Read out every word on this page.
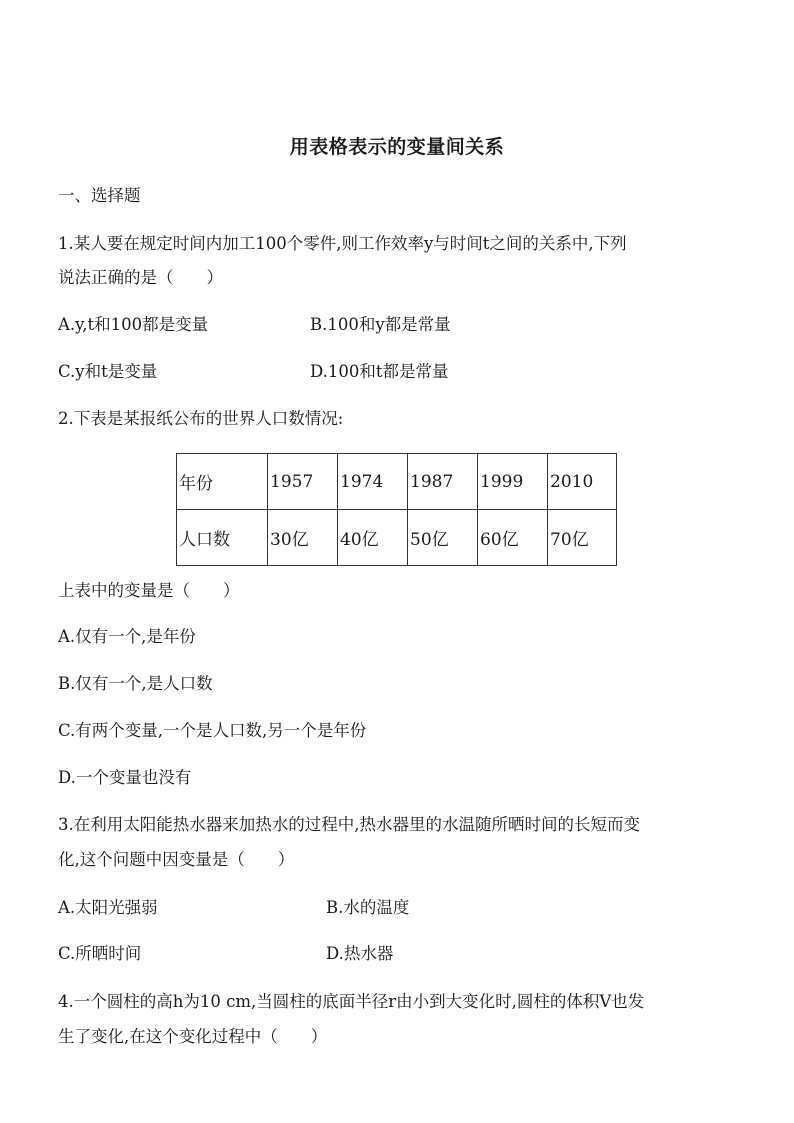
用表格表示的变量间关系
一、选择题
1.某人要在规定时间内加工100个零件,则工作效率y与时间t之间的关系中,下列
说法正确的是（　　）
A.y,t和100都是变量	B.100和y都是常量
C.y和t是变量	D.100和t都是常量
2.下表是某报纸公布的世界人口数情况:
年份	1957	1974	1987	1999	2010
人口数	30亿	40亿	50亿	60亿	70亿
上表中的变量是（　　）
A.仅有一个,是年份
B.仅有一个,是人口数
C.有两个变量,一个是人口数,另一个是年份
D.一个变量也没有
3.在利用太阳能热水器来加热水的过程中,热水器里的水温随所晒时间的长短而变
化,这个问题中因变量是（　　）
A.太阳光强弱	B.水的温度
C.所晒时间	D.热水器
4.一个圆柱的高h为10 cm,当圆柱的底面半径r由小到大变化时,圆柱的体积V也发
生了变化,在这个变化过程中（　　）
